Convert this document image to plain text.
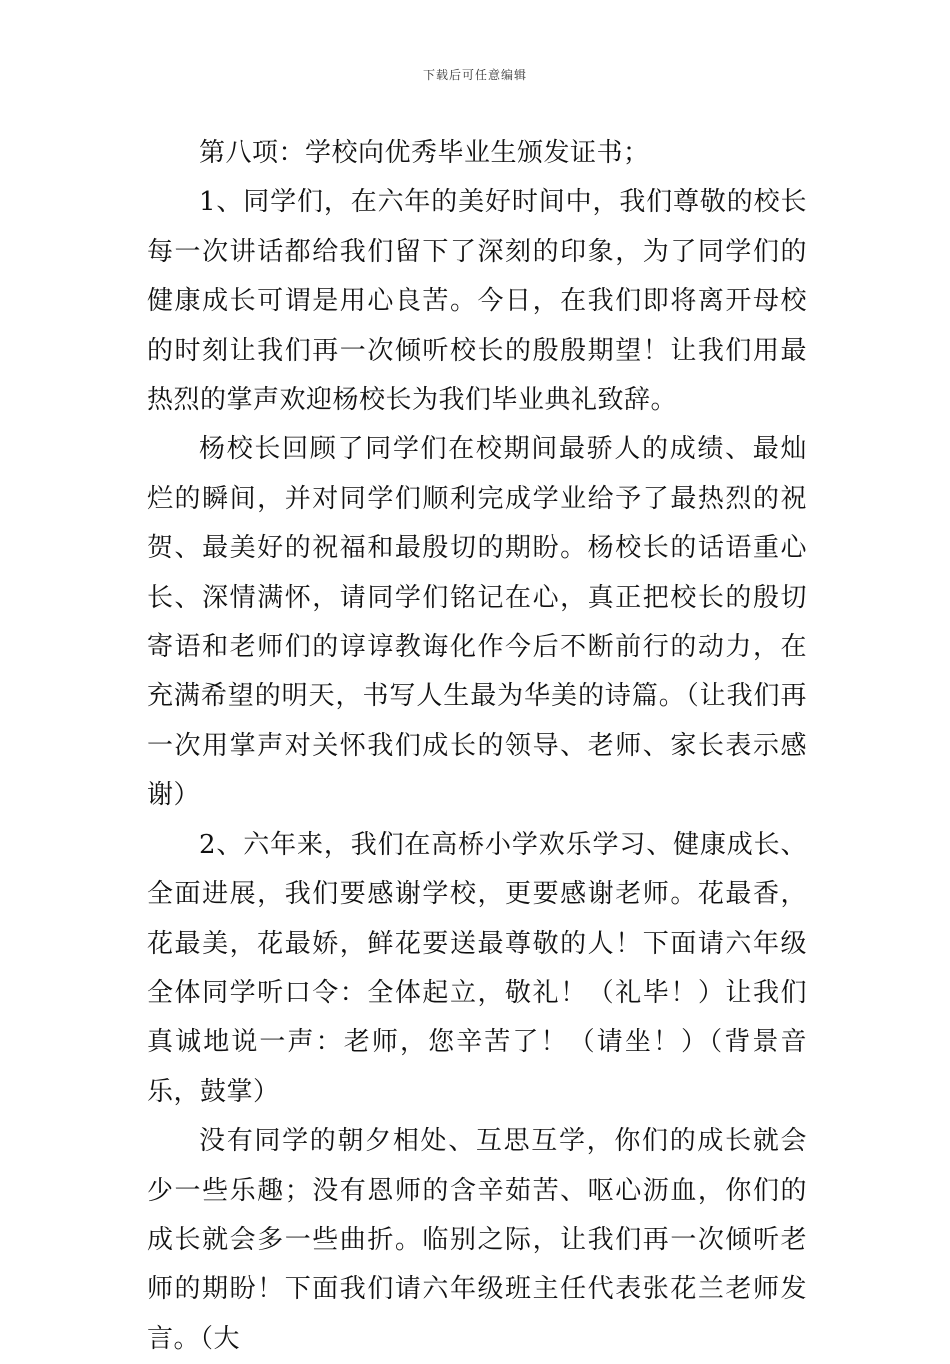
下载后可任意编辑

第八项：学校向优秀毕业生颁发证书；

1、同学们，在六年的美好时间中，我们尊敬的校长每一次讲话都给我们留下了深刻的印象，为了同学们的健康成长可谓是用心良苦。今日，在我们即将离开母校的时刻让我们再一次倾听校长的殷殷期望！让我们用最热烈的掌声欢迎杨校长为我们毕业典礼致辞。

杨校长回顾了同学们在校期间最骄人的成绩、最灿烂的瞬间，并对同学们顺利完成学业给予了最热烈的祝贺、最美好的祝福和最殷切的期盼。杨校长的话语重心长、深情满怀，请同学们铭记在心，真正把校长的殷切寄语和老师们的谆谆教诲化作今后不断前行的动力，在充满希望的明天，书写人生最为华美的诗篇。（让我们再一次用掌声对关怀我们成长的领导、老师、家长表示感谢）

2、六年来，我们在高桥小学欢乐学习、健康成长、全面进展，我们要感谢学校，更要感谢老师。花最香，花最美，花最娇，鲜花要送最尊敬的人！下面请六年级全体同学听口令：全体起立，敬礼！（礼毕！）让我们真诚地说一声：老师，您辛苦了！（请坐！）（背景音乐，鼓掌）

没有同学的朝夕相处、互思互学，你们的成长就会少一些乐趣；没有恩师的含辛茹苦、呕心沥血，你们的成长就会多一些曲折。临别之际，让我们再一次倾听老师的期盼！下面我们请六年级班主任代表张花兰老师发言。（大
